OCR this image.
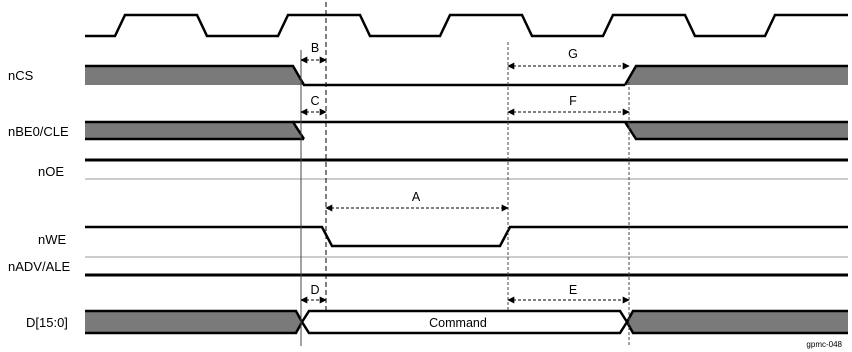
nCS
nBE0/CLE
nOE
nWE
nADV/ALE
D[15:0]	Command
B	G
C	F
A
D	E
gpmc-048
